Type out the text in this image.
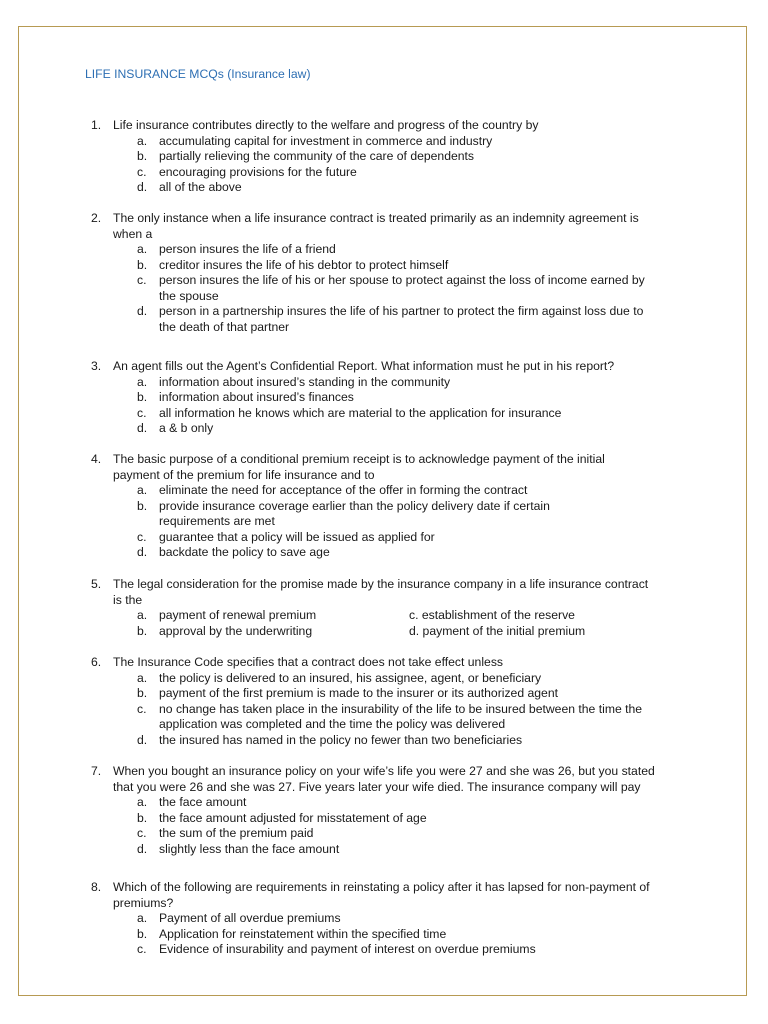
LIFE INSURANCE MCQs (Insurance law)
1. Life insurance contributes directly to the welfare and progress of the country by
a. accumulating capital for investment in commerce and industry
b. partially relieving the community of the care of dependents
c. encouraging provisions for the future
d. all of the above
2. The only instance when a life insurance contract is treated primarily as an indemnity agreement is
when a
a. person insures the life of a friend
b. creditor insures the life of his debtor to protect himself
c. person insures the life of his or her spouse to protect against the loss of income earned by
the spouse
d. person in a partnership insures the life of his partner to protect the firm against loss due to
the death of that partner
3. An agent fills out the Agent’s Confidential Report. What information must he put in his report?
a. information about insured’s standing in the community
b. information about insured’s finances
c. all information he knows which are material to the application for insurance
d. a & b only
4. The basic purpose of a conditional premium receipt is to acknowledge payment of the initial
payment of the premium for life insurance and to
a. eliminate the need for acceptance of the offer in forming the contract
b. provide insurance coverage earlier than the policy delivery date if certain
requirements are met
c. guarantee that a policy will be issued as applied for
d. backdate the policy to save age
5. The legal consideration for the promise made by the insurance company in a life insurance contract
is the
a. payment of renewal premium	c. establishment of the reserve
b. approval by the underwriting	d. payment of the initial premium
6. The Insurance Code specifies that a contract does not take effect unless
a. the policy is delivered to an insured, his assignee, agent, or beneficiary
b. payment of the first premium is made to the insurer or its authorized agent
c. no change has taken place in the insurability of the life to be insured between the time the
application was completed and the time the policy was delivered
d. the insured has named in the policy no fewer than two beneficiaries
7. When you bought an insurance policy on your wife’s life you were 27 and she was 26, but you stated
that you were 26 and she was 27. Five years later your wife died. The insurance company will pay
a. the face amount
b. the face amount adjusted for misstatement of age
c. the sum of the premium paid
d. slightly less than the face amount
8. Which of the following are requirements in reinstating a policy after it has lapsed for non-payment of
premiums?
a. Payment of all overdue premiums
b. Application for reinstatement within the specified time
c. Evidence of insurability and payment of interest on overdue premiums
